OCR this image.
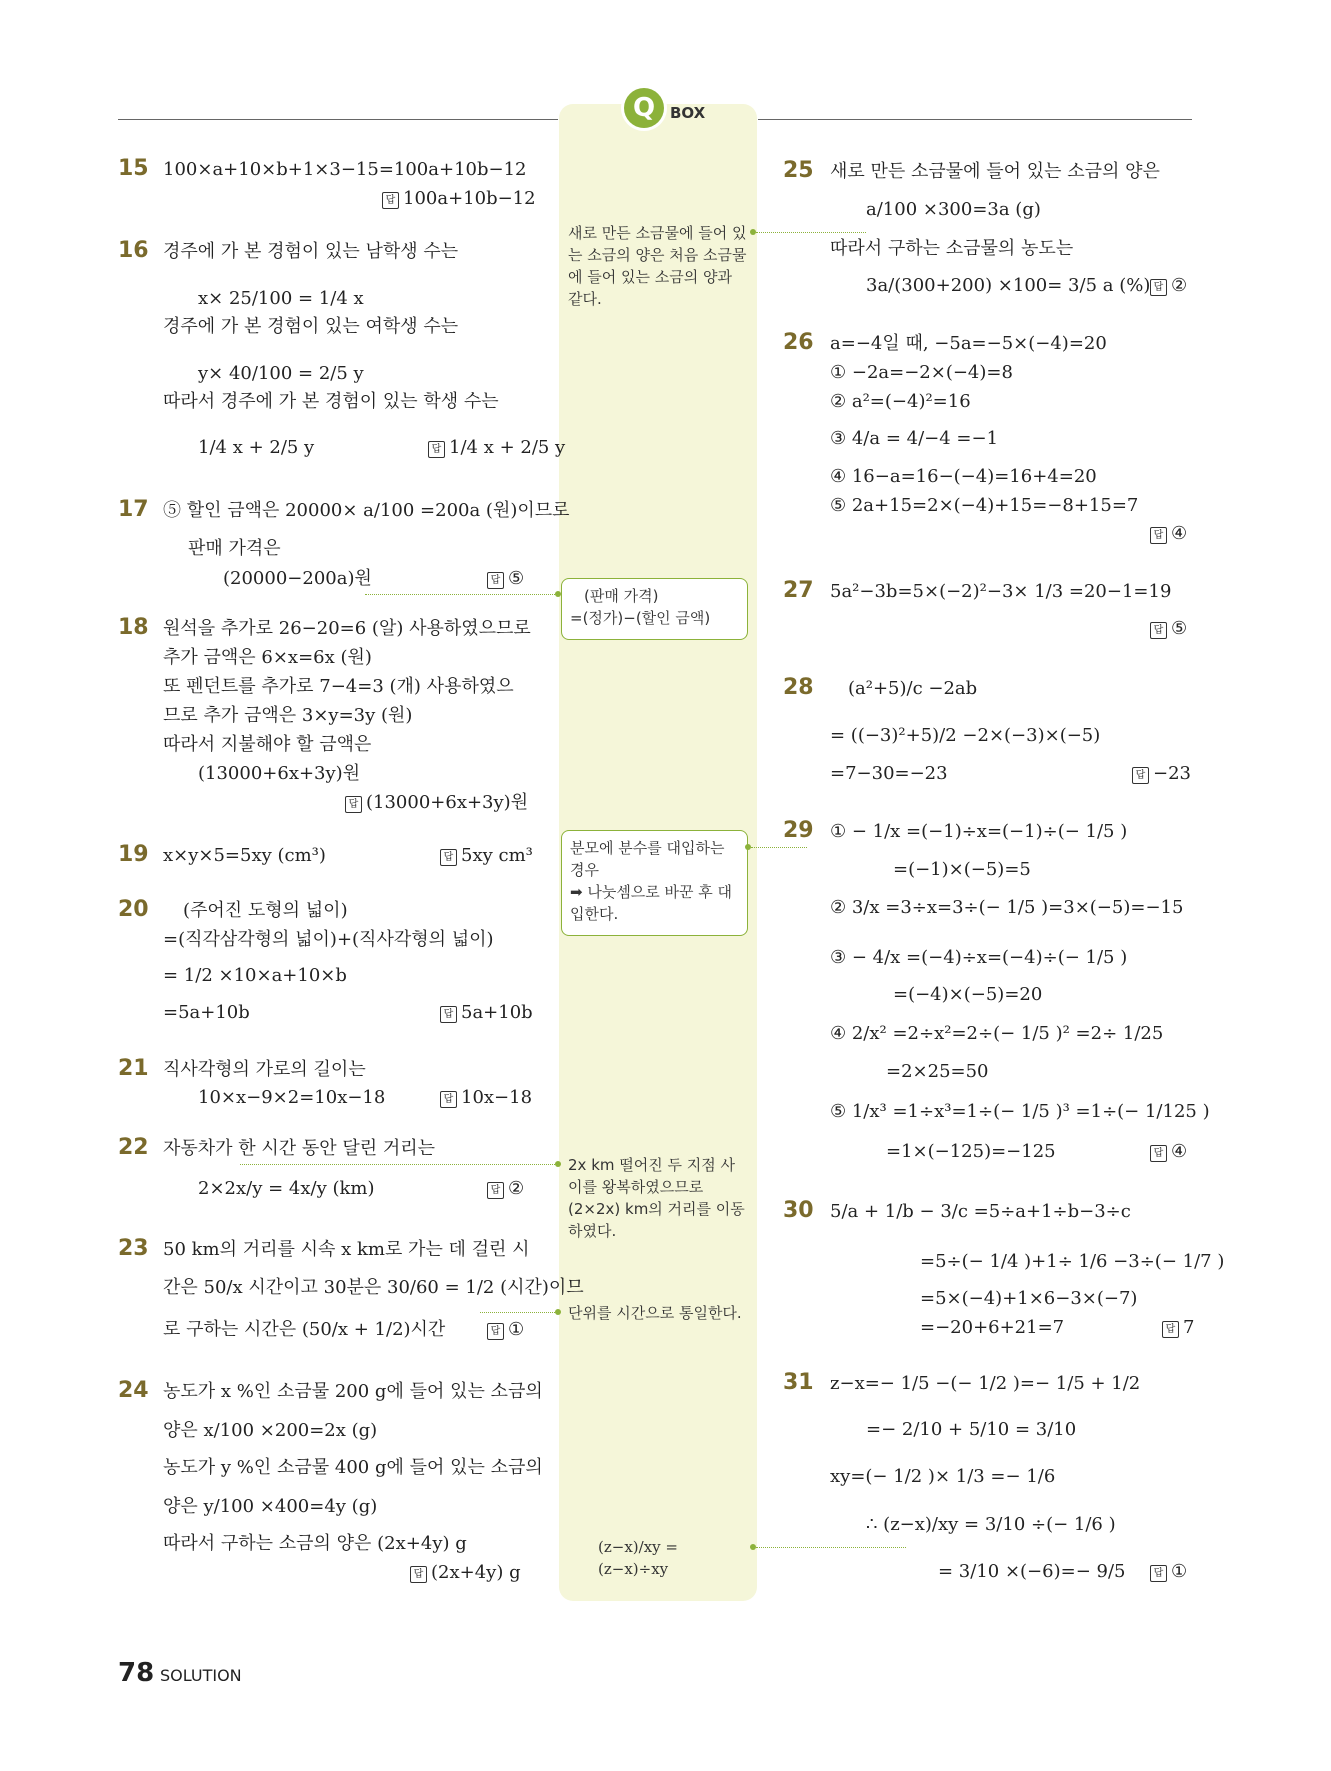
Q BOX
15 100×a+10×b+1×3−15=100a+10b−12
답 100a+10b−12
16 경주에 가 본 경험이 있는 남학생 수는
x× 25/100 = 1/4 x
경주에 가 본 경험이 있는 여학생 수는
y× 40/100 = 2/5 y
따라서 경주에 가 본 경험이 있는 학생 수는
1/4 x + 2/5 y	답 1/4 x + 2/5 y
17 ⑤ 할인 금액은 20000× a/100 =200a (원)이므로
판매 가격은
(20000−200a)원	답 ⑤
18 원석을 추가로 26−20=6 (알) 사용하였으므로
추가 금액은 6×x=6x (원)
또 펜던트를 추가로 7−4=3 (개) 사용하였으
므로 추가 금액은 3×y=3y (원)
따라서 지불해야 할 금액은
(13000+6x+3y)원
답 (13000+6x+3y)원
19 x×y×5=5xy (cm³)	답 5xy cm³
20 (주어진 도형의 넓이)
=(직각삼각형의 넓이)+(직사각형의 넓이)
= 1/2 ×10×a+10×b
=5a+10b	답 5a+10b
21 직사각형의 가로의 길이는
10×x−9×2=10x−18	답 10x−18
22 자동차가 한 시간 동안 달린 거리는
2×2x/y = 4x/y (km)	답 ②
23 50 km의 거리를 시속 x km로 가는 데 걸린 시
간은 50/x 시간이고 30분은 30/60 = 1/2 (시간)이므
로 구하는 시간은 (50/x + 1/2)시간	답 ①
24 농도가 x %인 소금물 200 g에 들어 있는 소금의
양은 x/100 ×200=2x (g)
농도가 y %인 소금물 400 g에 들어 있는 소금의
양은 y/100 ×400=4y (g)
따라서 구하는 소금의 양은 (2x+4y) g
답 (2x+4y) g
새로 만든 소금물에 들어 있는 소금의 양은 처음 소금물에 들어 있는 소금의 양과 같다.
(판매 가격)
=(정가)−(할인 금액)
분모에 분수를 대입하는 경우
➡ 나눗셈으로 바꾼 후 대입한다.
2x km 떨어진 두 지점 사이를 왕복하였으므로 (2×2x) km의 거리를 이동하였다.
단위를 시간으로 통일한다.
(z−x)/xy =(z−x)÷xy
25 새로 만든 소금물에 들어 있는 소금의 양은
a/100 ×300=3a (g)
따라서 구하는 소금물의 농도는
3a/(300+200) ×100= 3/5 a (%) 답 ②
26 a=−4일 때, −5a=−5×(−4)=20
① −2a=−2×(−4)=8
② a²=(−4)²=16
③ 4/a = 4/−4 =−1
④ 16−a=16−(−4)=16+4=20
⑤ 2a+15=2×(−4)+15=−8+15=7
답 ④
27 5a²−3b=5×(−2)²−3× 1/3 =20−1=19
답 ⑤
28 (a²+5)/c −2ab
= ((−3)²+5)/2 −2×(−3)×(−5)
=7−30=−23	답 −23
29 ① − 1/x =(−1)÷x=(−1)÷(− 1/5 )
=(−1)×(−5)=5
② 3/x =3÷x=3÷(− 1/5 )=3×(−5)=−15
③ − 4/x =(−4)÷x=(−4)÷(− 1/5 )
=(−4)×(−5)=20
④ 2/x² =2÷x²=2÷(− 1/5 )² =2÷ 1/25
=2×25=50
⑤ 1/x³ =1÷x³=1÷(− 1/5 )³ =1÷(− 1/125 )
=1×(−125)=−125	답 ④
30 5/a + 1/b − 3/c =5÷a+1÷b−3÷c
=5÷(− 1/4 )+1÷ 1/6 −3÷(− 1/7 )
=5×(−4)+1×6−3×(−7)
=−20+6+21=7	답 7
31 z−x=− 1/5 −(− 1/2 )=− 1/5 + 1/2
=− 2/10 + 5/10 = 3/10
xy=(− 1/2 )× 1/3 =− 1/6
∴ (z−x)/xy = 3/10 ÷(− 1/6 )
= 3/10 ×(−6)=− 9/5	답 ①
78 SOLUTION
